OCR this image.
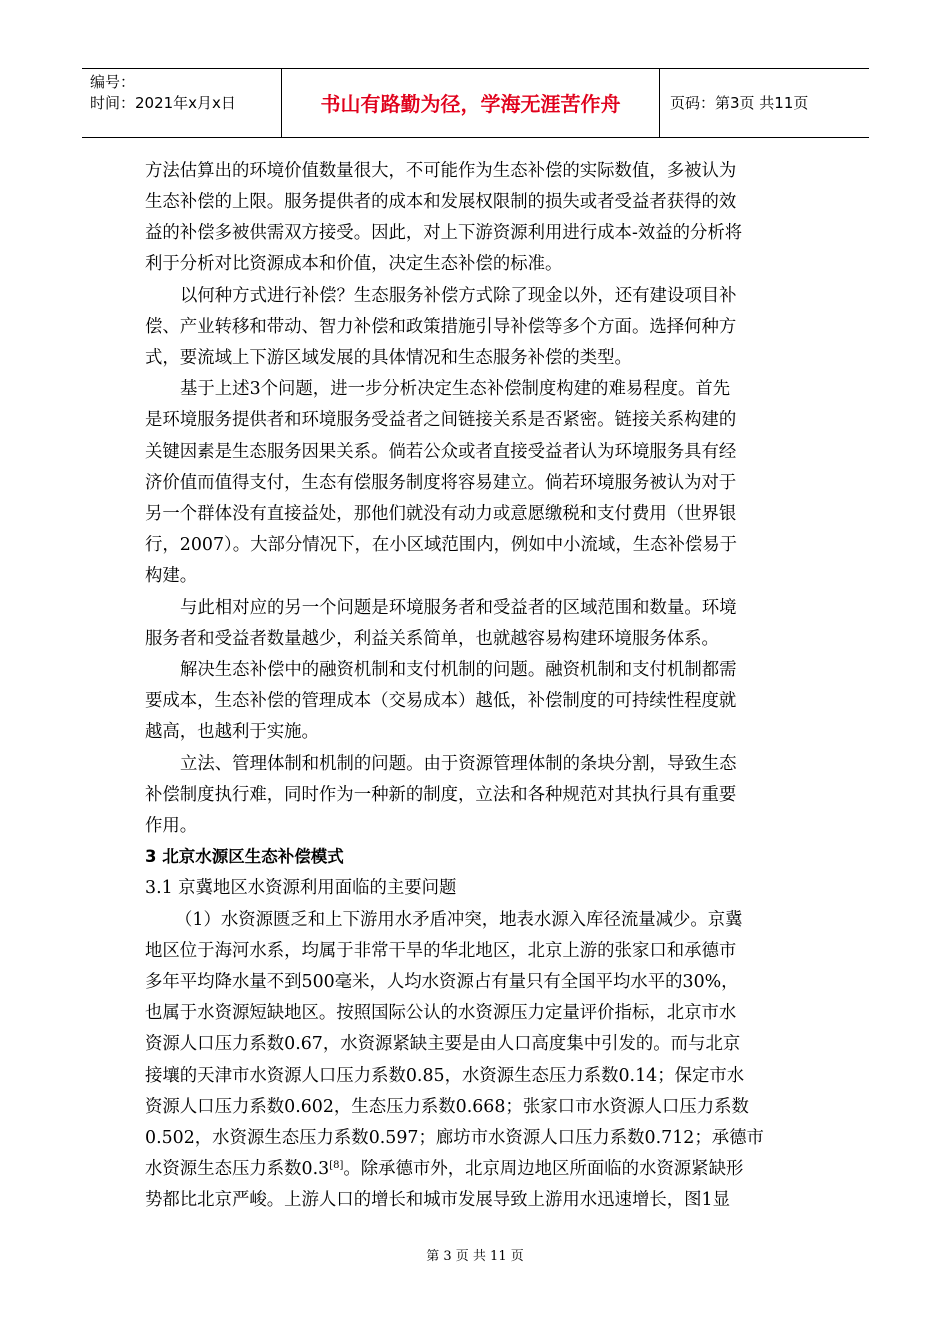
编号：
时间：2021年x月x日	书山有路勤为径，学海无涯苦作舟	页码：第3页 共11页
方法估算出的环境价值数量很大，不可能作为生态补偿的实际数值，多被认为
生态补偿的上限。服务提供者的成本和发展权限制的损失或者受益者获得的效
益的补偿多被供需双方接受。因此，对上下游资源利用进行成本-效益的分析将
利于分析对比资源成本和价值，决定生态补偿的标准。
以何种方式进行补偿？生态服务补偿方式除了现金以外，还有建设项目补
偿、产业转移和带动、智力补偿和政策措施引导补偿等多个方面。选择何种方
式，要流域上下游区域发展的具体情况和生态服务补偿的类型。
基于上述3个问题，进一步分析决定生态补偿制度构建的难易程度。首先
是环境服务提供者和环境服务受益者之间链接关系是否紧密。链接关系构建的
关键因素是生态服务因果关系。倘若公众或者直接受益者认为环境服务具有经
济价值而值得支付，生态有偿服务制度将容易建立。倘若环境服务被认为对于
另一个群体没有直接益处，那他们就没有动力或意愿缴税和支付费用（世界银
行，2007）。大部分情况下，在小区域范围内，例如中小流域，生态补偿易于
构建。
与此相对应的另一个问题是环境服务者和受益者的区域范围和数量。环境
服务者和受益者数量越少，利益关系简单，也就越容易构建环境服务体系。
解决生态补偿中的融资机制和支付机制的问题。融资机制和支付机制都需
要成本，生态补偿的管理成本（交易成本）越低，补偿制度的可持续性程度就
越高，也越利于实施。
立法、管理体制和机制的问题。由于资源管理体制的条块分割，导致生态
补偿制度执行难，同时作为一种新的制度，立法和各种规范对其执行具有重要
作用。
3 北京水源区生态补偿模式
3.1 京冀地区水资源利用面临的主要问题
（1）水资源匮乏和上下游用水矛盾冲突，地表水源入库径流量减少。京冀
地区位于海河水系，均属于非常干旱的华北地区，北京上游的张家口和承德市
多年平均降水量不到500毫米，人均水资源占有量只有全国平均水平的30%，
也属于水资源短缺地区。按照国际公认的水资源压力定量评价指标，北京市水
资源人口压力系数0.67，水资源紧缺主要是由人口高度集中引发的。而与北京
接壤的天津市水资源人口压力系数0.85，水资源生态压力系数0.14；保定市水
资源人口压力系数0.602，生态压力系数0.668；张家口市水资源人口压力系数
0.502，水资源生态压力系数0.597；廊坊市水资源人口压力系数0.712；承德市
水资源生态压力系数0.3[8]。除承德市外，北京周边地区所面临的水资源紧缺形
势都比北京严峻。上游人口的增长和城市发展导致上游用水迅速增长，图1显
第 3 页 共 11 页
